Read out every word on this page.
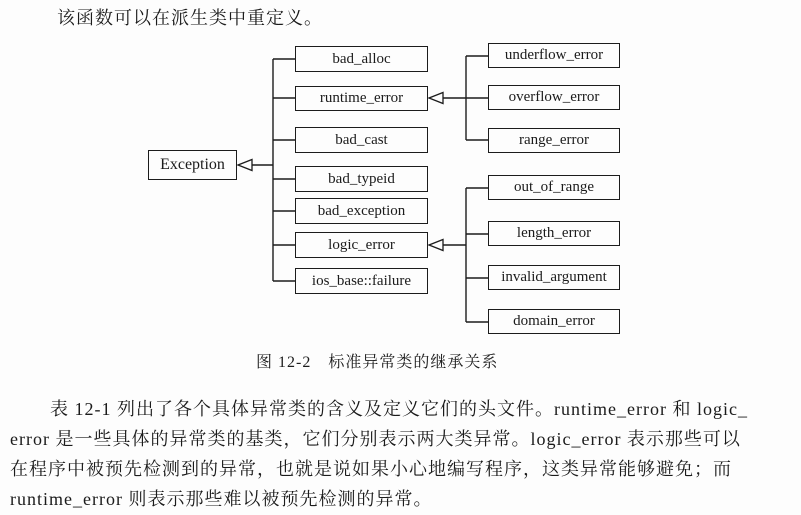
该函数可以在派生类中重定义。
Exception
bad_alloc
runtime_error
bad_cast
bad_typeid
bad_exception
logic_error
ios_base::failure
underflow_error
overflow_error
range_error
out_of_range
length_error
invalid_argument
domain_error
图 12-2　标准异常类的继承关系
表 12-1 列出了各个具体异常类的含义及定义它们的头文件。runtime_error 和 logic_
error 是一些具体的异常类的基类，它们分别表示两大类异常。logic_error 表示那些可以
在程序中被预先检测到的异常，也就是说如果小心地编写程序，这类异常能够避免；而
runtime_error 则表示那些难以被预先检测的异常。
